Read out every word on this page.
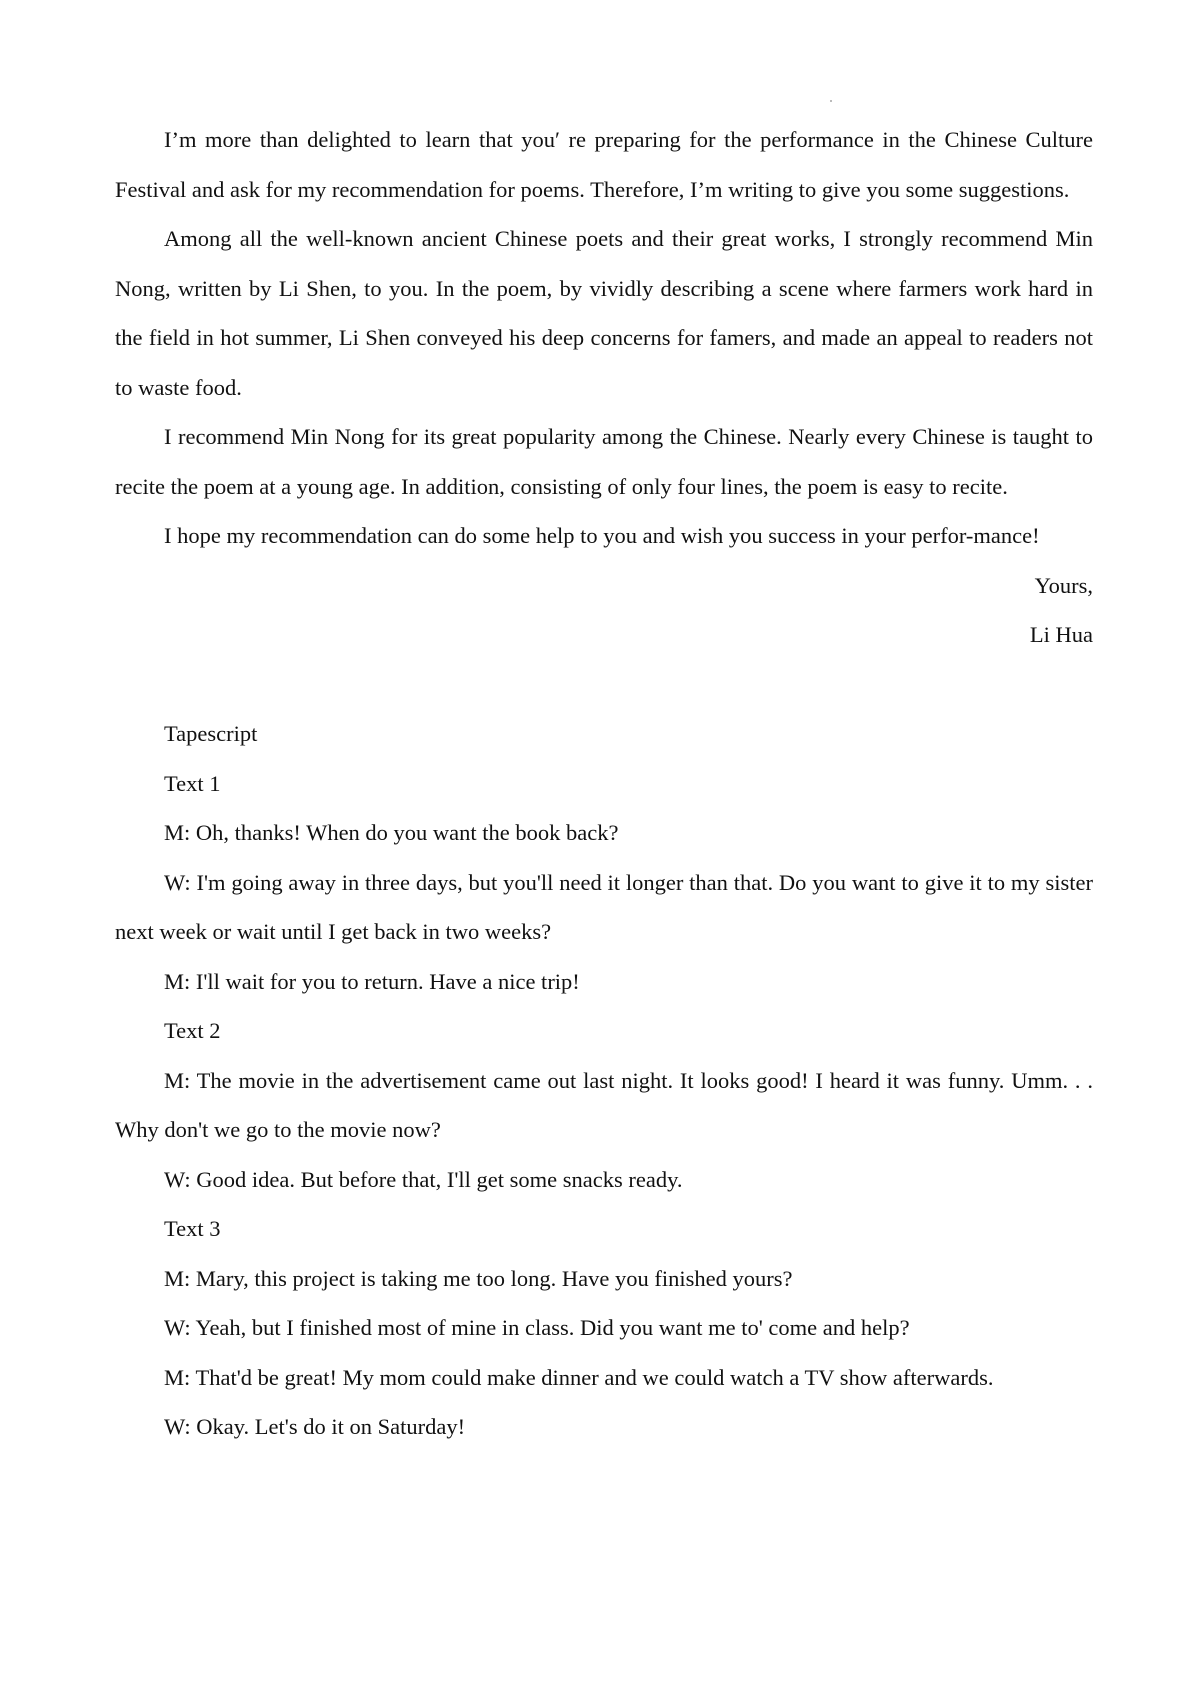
I’m more than delighted to learn that you′ re preparing for the performance in the Chinese Culture Festival and ask for my recommendation for poems. Therefore, I’m writing to give you some suggestions.

Among all the well-known ancient Chinese poets and their great works, I strongly recommend Min Nong, written by Li Shen, to you. In the poem, by vividly describing a scene where farmers work hard in the field in hot summer, Li Shen conveyed his deep concerns for famers, and made an appeal to readers not to waste food.

I recommend Min Nong for its great popularity among the Chinese. Nearly every Chinese is taught to recite the poem at a young age. In addition, consisting of only four lines, the poem is easy to recite.

I hope my recommendation can do some help to you and wish you success in your perfor-mance!

Yours,

Li Hua

Tapescript

Text 1

M: Oh, thanks! When do you want the book back?

W: I'm going away in three days, but you'll need it longer than that. Do you want to give it to my sister next week or wait until I get back in two weeks?

M: I'll wait for you to return. Have a nice trip!

Text 2

M: The movie in the advertisement came out last night. It looks good! I heard it was funny. Umm. . . Why don't we go to the movie now?

W: Good idea. But before that, I'll get some snacks ready.

Text 3

M: Mary, this project is taking me too long. Have you finished yours?

W: Yeah, but I finished most of mine in class. Did you want me to' come and help?

M: That'd be great! My mom could make dinner and we could watch a TV show afterwards.

W: Okay. Let's do it on Saturday!
